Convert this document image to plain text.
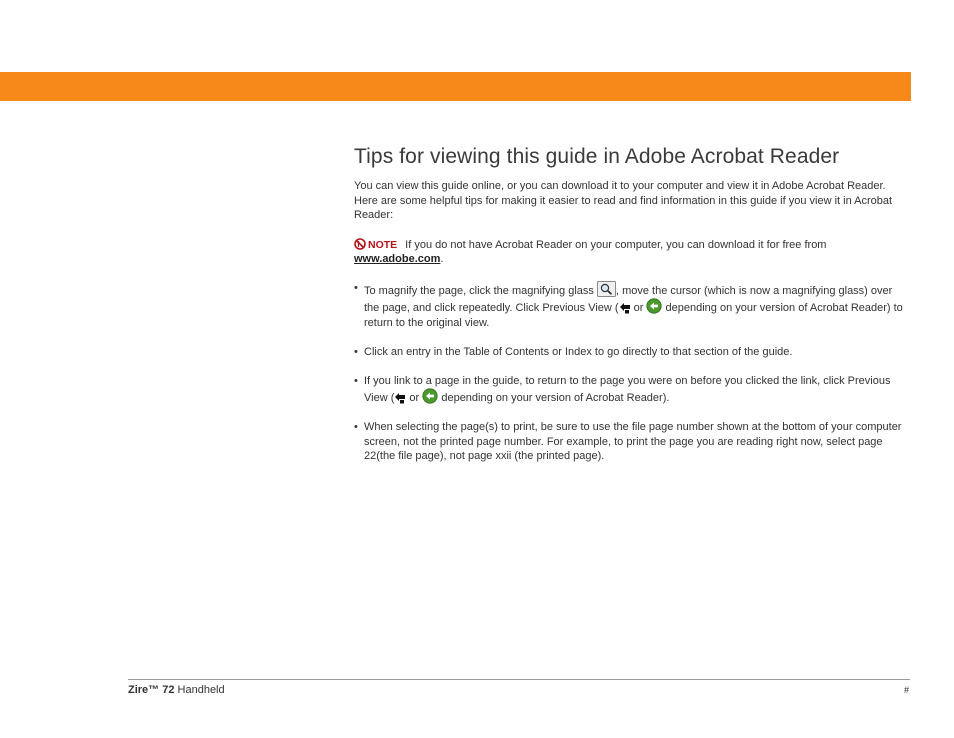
Tips for viewing this guide in Adobe Acrobat Reader

You can view this guide online, or you can download it to your computer and view it in Adobe Acrobat Reader. Here are some helpful tips for making it easier to read and find information in this guide if you view it in Acrobat Reader:

NOTE If you do not have Acrobat Reader on your computer, you can download it for free from www.adobe.com.

• To magnify the page, click the magnifying glass , move the cursor (which is now a magnifying glass) over the page, and click repeatedly. Click Previous View ( or  depending on your version of Acrobat Reader) to return to the original view.
• Click an entry in the Table of Contents or Index to go directly to that section of the guide.
• If you link to a page in the guide, to return to the page you were on before you clicked the link, click Previous View ( or  depending on your version of Acrobat Reader).
• When selecting the page(s) to print, be sure to use the file page number shown at the bottom of your computer screen, not the printed page number. For example, to print the page you are reading right now, select page 22(the file page), not page xxii (the printed page).
Zire™ 72 Handheld	#
